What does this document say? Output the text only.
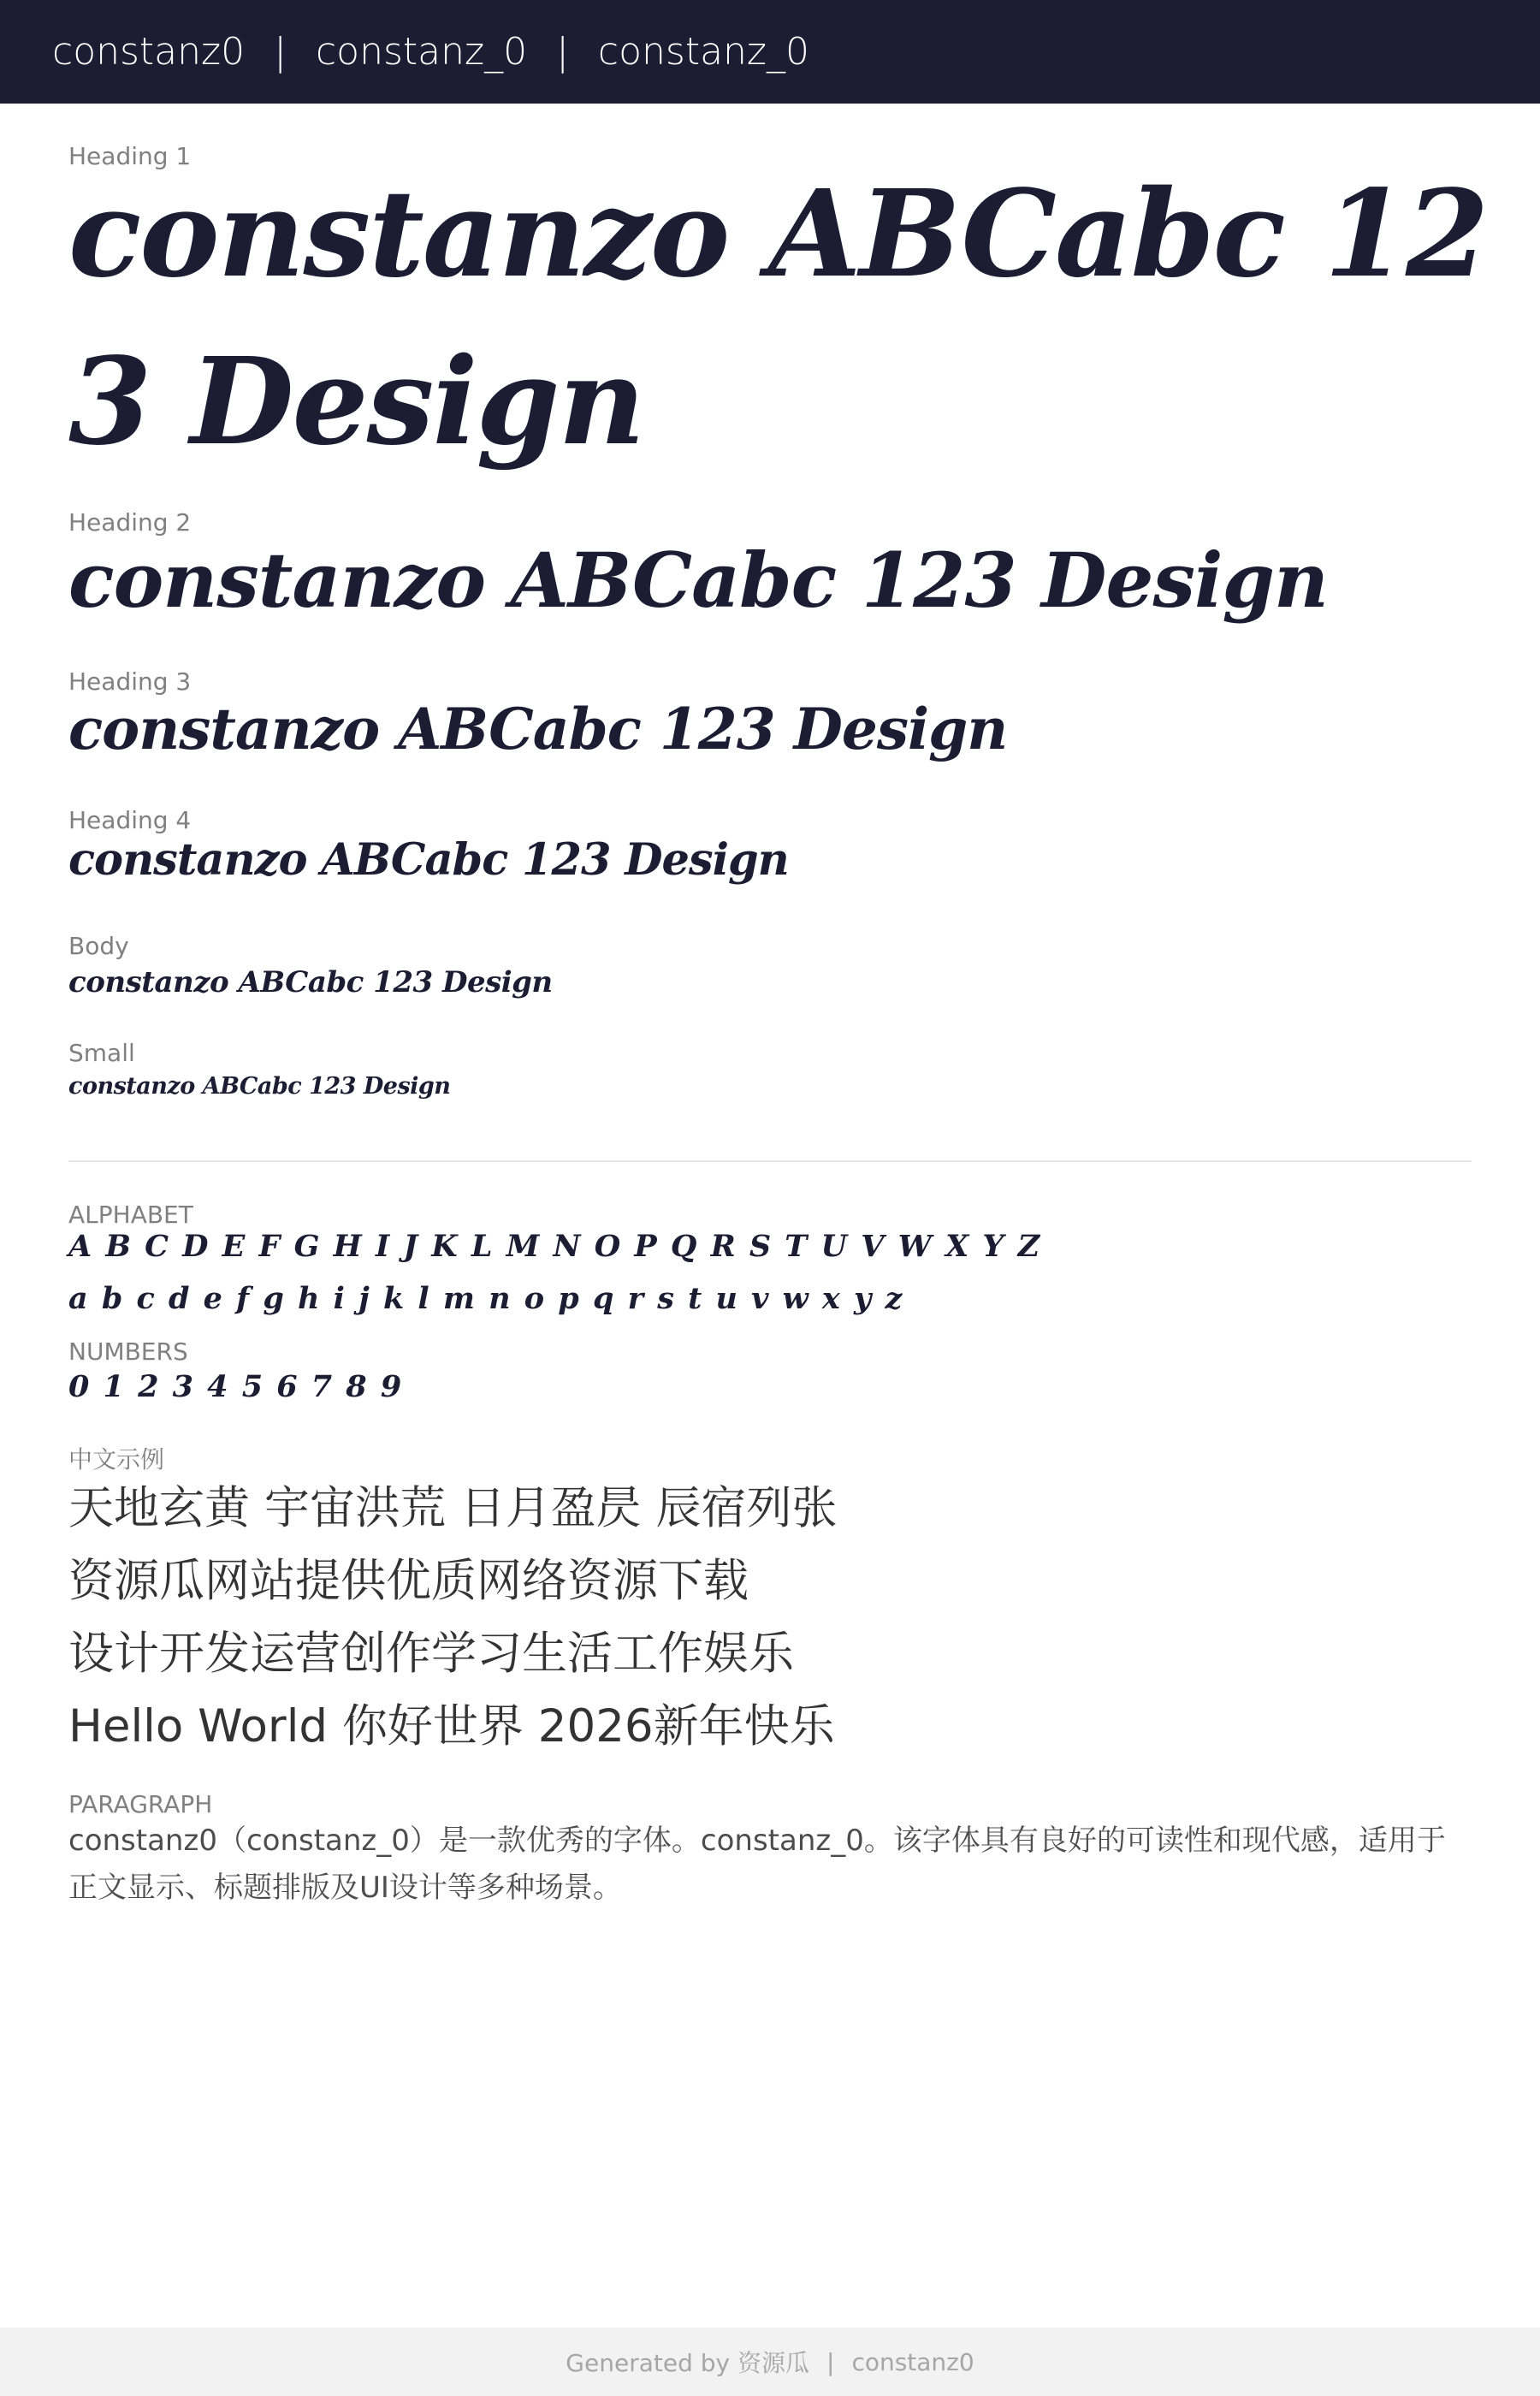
constanz0 | constanz_0 | constanz_0
Heading 1
constanzo ABCabc 123 Design
Heading 2
constanzo ABCabc 123 Design
Heading 3
constanzo ABCabc 123 Design
Heading 4
constanzo ABCabc 123 Design
Body
constanzo ABCabc 123 Design
Small
constanzo ABCabc 123 Design
ALPHABET
A B C D E F G H I J K L M N O P Q R S T U V W X Y Z
a b c d e f g h i j k l m n o p q r s t u v w x y z
NUMBERS
0 1 2 3 4 5 6 7 8 9
中文示例
天地玄黄 宇宙洪荒 日月盈昃 辰宿列张
资源瓜网站提供优质网络资源下载
设计开发运营创作学习生活工作娱乐
Hello World 你好世界 2026新年快乐
PARAGRAPH
constanz0（constanz_0）是一款优秀的字体。constanz_0。该字体具有良好的可读性和现代感，适用于正文显示、标题排版及UI设计等多种场景。
Generated by 资源瓜 | constanz0
